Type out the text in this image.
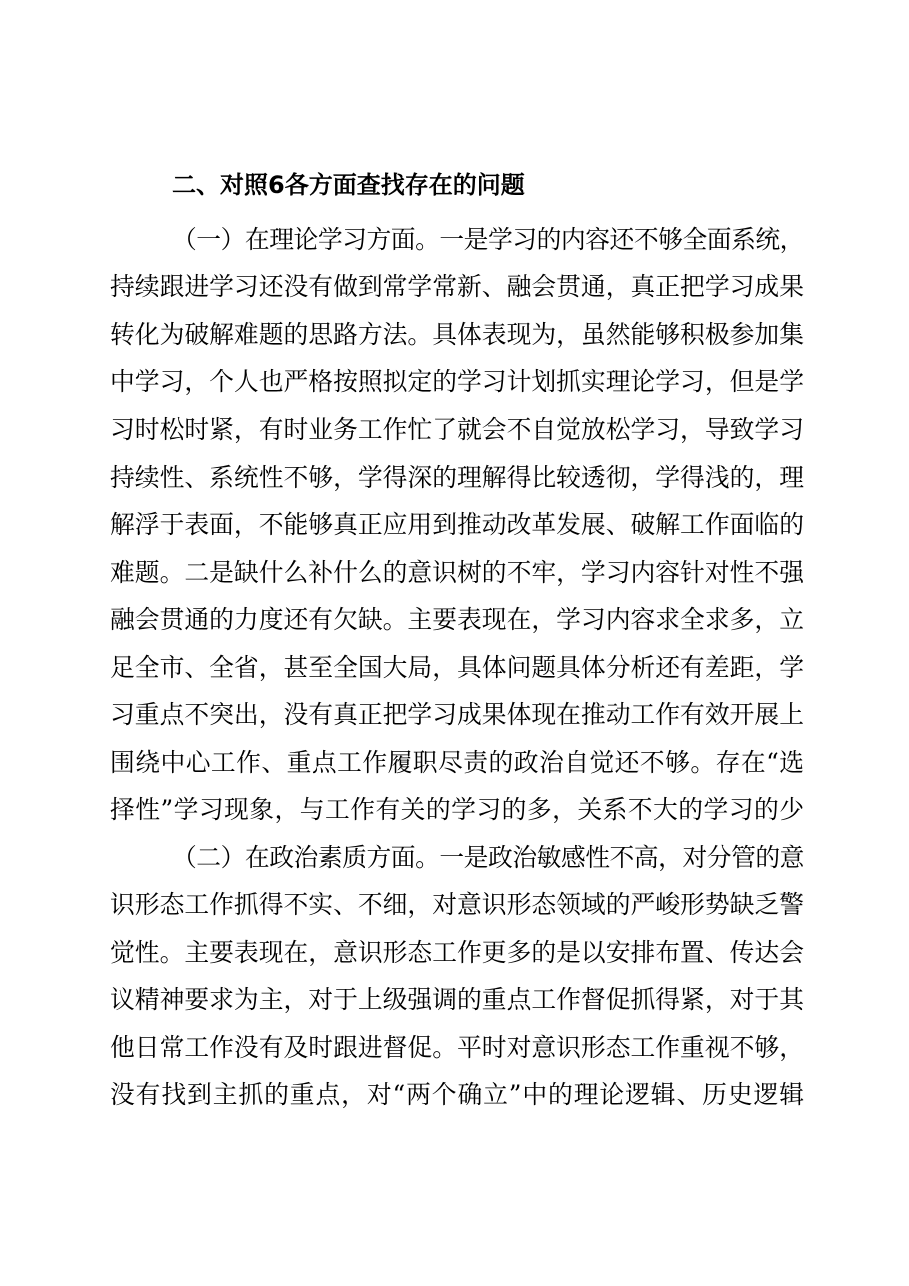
二、对照6各方面查找存在的问题
（一）在理论学习方面。一是学习的内容还不够全面系统，
持续跟进学习还没有做到常学常新、融会贯通，真正把学习成果
转化为破解难题的思路方法。具体表现为，虽然能够积极参加集
中学习，个人也严格按照拟定的学习计划抓实理论学习，但是学
习时松时紧，有时业务工作忙了就会不自觉放松学习，导致学习
持续性、系统性不够，学得深的理解得比较透彻，学得浅的，理
解浮于表面，不能够真正应用到推动改革发展、破解工作面临的
难题。二是缺什么补什么的意识树的不牢，学习内容针对性不强
融会贯通的力度还有欠缺。主要表现在，学习内容求全求多，立
足全市、全省，甚至全国大局，具体问题具体分析还有差距，学
习重点不突出，没有真正把学习成果体现在推动工作有效开展上
围绕中心工作、重点工作履职尽责的政治自觉还不够。存在“选
择性”学习现象，与工作有关的学习的多，关系不大的学习的少
（二）在政治素质方面。一是政治敏感性不高，对分管的意
识形态工作抓得不实、不细，对意识形态领域的严峻形势缺乏警
觉性。主要表现在，意识形态工作更多的是以安排布置、传达会
议精神要求为主，对于上级强调的重点工作督促抓得紧，对于其
他日常工作没有及时跟进督促。平时对意识形态工作重视不够，
没有找到主抓的重点，对“两个确立”中的理论逻辑、历史逻辑
